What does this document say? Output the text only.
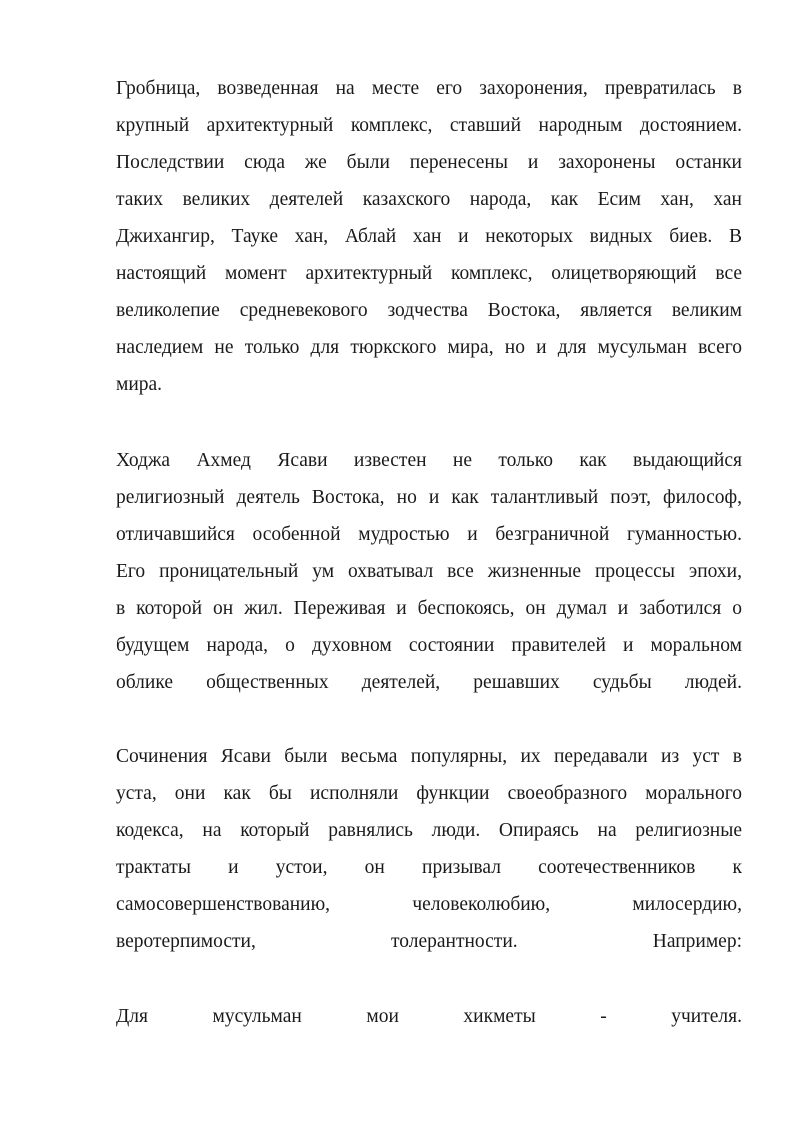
Гробница, возведенная на месте его захоронения, превратилась в
крупный архитектурный комплекс, ставший народным достоянием.
Последствии сюда же были перенесены и захоронены останки
таких великих деятелей казахского народа, как Есим хан, хан
Джихангир, Тауке хан, Аблай хан и некоторых видных биев. В
настоящий момент архитектурный комплекс, олицетворяющий все
великолепие средневекового зодчества Востока, является великим
наследием не только для тюркского мира, но и для мусульман всего
мира.
Ходжа Ахмед Ясави известен не только как выдающийся
религиозный деятель Востока, но и как талантливый поэт, философ,
отличавшийся особенной мудростью и безграничной гуманностью.
Его проницательный ум охватывал все жизненные процессы эпохи,
в которой он жил. Переживая и беспокоясь, он думал и заботился о
будущем народа, о духовном состоянии правителей и моральном
облике общественных деятелей, решавших судьбы людей.
Сочинения Ясави были весьма популярны, их передавали из уст в
уста, они как бы исполняли функции своеобразного морального
кодекса, на который равнялись люди. Опираясь на религиозные
трактаты и устои, он призывал соотечественников к
самосовершенствованию, человеколюбию, милосердию,
веротерпимости, толерантности. Например:
Для мусульман мои хикметы - учителя.
